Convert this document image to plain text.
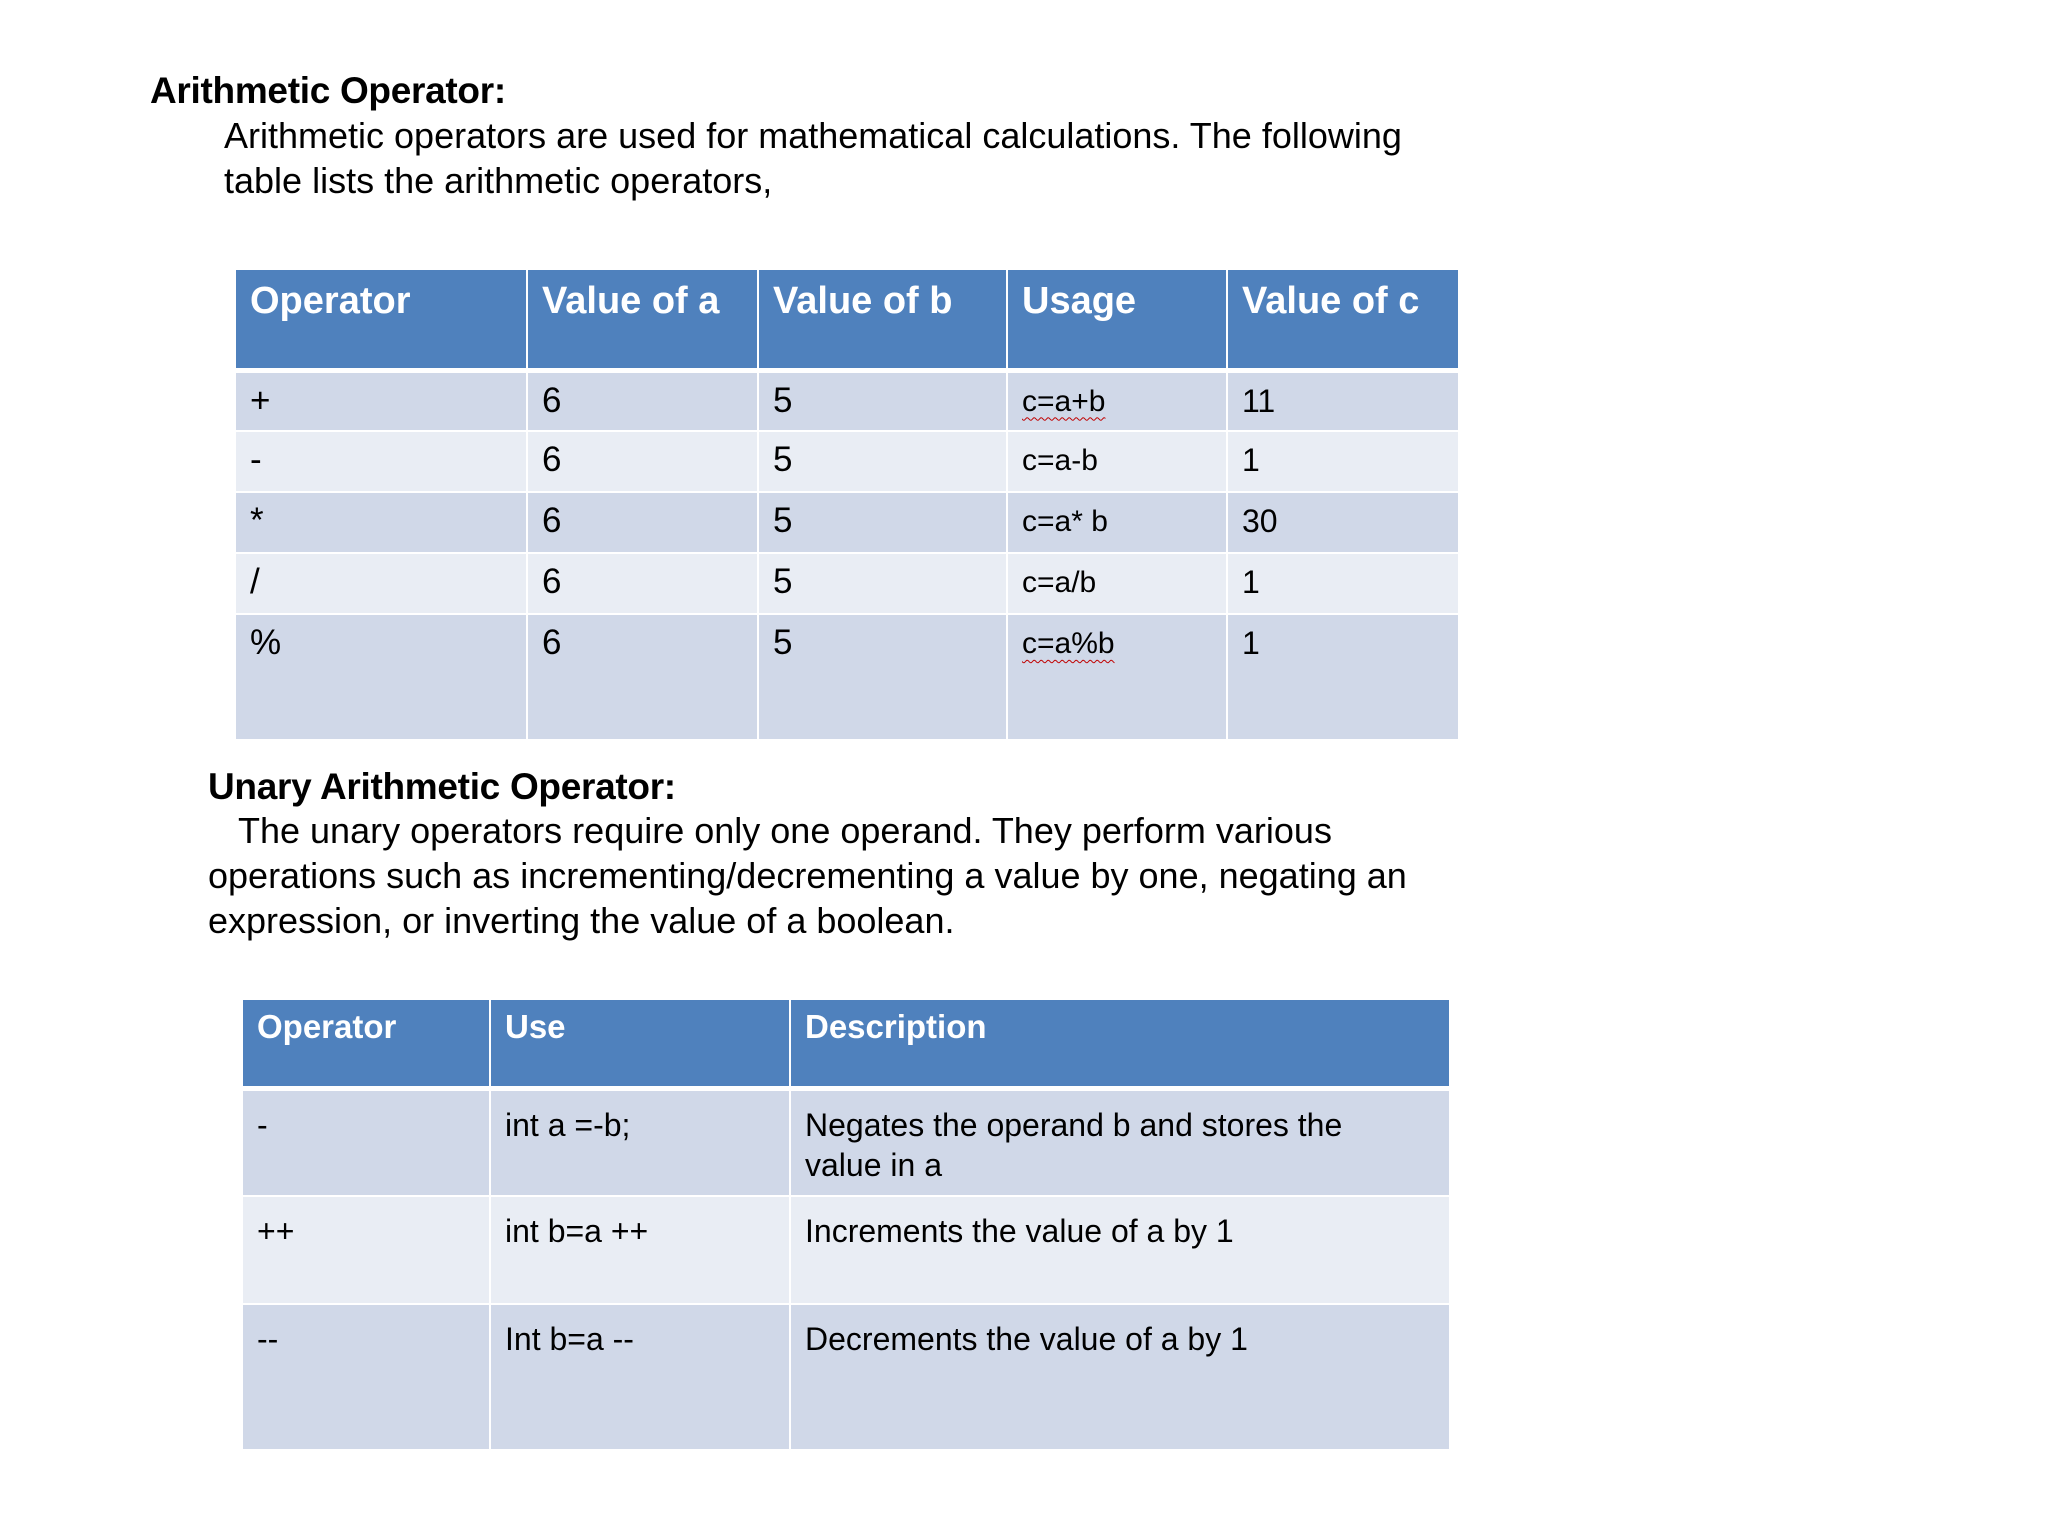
Arithmetic Operator:
Arithmetic operators are used for mathematical calculations. The following table lists the arithmetic operators,
Operator	Value of a	Value of b	Usage	Value of c
+	6	5	c=a+b	11
-	6	5	c=a-b	1
*	6	5	c=a* b	30
/	6	5	c=a/b	1
%	6	5	c=a%b	1
Unary Arithmetic Operator:
The unary operators require only one operand. They perform various operations such as incrementing/decrementing a value by one, negating an expression, or inverting the value of a boolean.
Operator	Use	Description
-	int a =-b;	Negates the operand b and stores the value in a
++	int b=a ++	Increments the value of a by 1
--	Int b=a --	Decrements the value of a by 1
